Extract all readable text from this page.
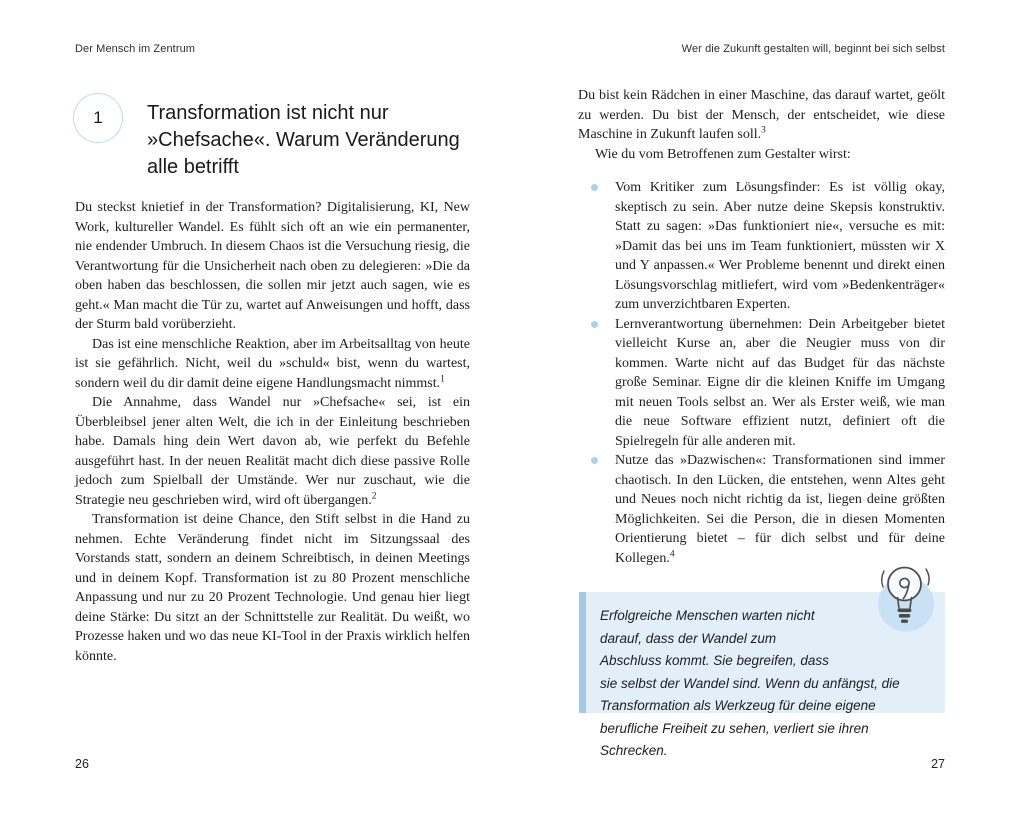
Der Mensch im Zentrum	Wer die Zukunft gestalten will, beginnt bei sich selbst
1 Transformation ist nicht nur »Chefsache«. Warum Veränderung alle betrifft

Du steckst knietief in der Transformation? Digitalisierung, KI, New Work, kultureller Wandel. Es fühlt sich oft an wie ein permanenter, nie endender Umbruch. In diesem Chaos ist die Versuchung riesig, die Verantwortung für die Unsicherheit nach oben zu delegieren: »Die da oben haben das beschlossen, die sollen mir jetzt auch sagen, wie es geht.« Man macht die Tür zu, wartet auf Anweisungen und hofft, dass der Sturm bald vorüberzieht.

Das ist eine menschliche Reaktion, aber im Arbeitsalltag von heute ist sie gefährlich. Nicht, weil du »schuld« bist, wenn du wartest, sondern weil du dir damit deine eigene Handlungsmacht nimmst.$^1$

Die Annahme, dass Wandel nur »Chefsache« sei, ist ein Überbleibsel jener alten Welt, die ich in der Einleitung beschrieben habe. Damals hing dein Wert davon ab, wie perfekt du Befehle ausgeführt hast. In der neuen Realität macht dich diese passive Rolle jedoch zum Spielball der Umstände. Wer nur zuschaut, wie die Strategie neu geschrieben wird, wird oft übergangen.$^2$

Transformation ist deine Chance, den Stift selbst in die Hand zu nehmen. Echte Veränderung findet nicht im Sitzungssaal des Vorstands statt, sondern an deinem Schreibtisch, in deinen Meetings und in deinem Kopf. Transformation ist zu 80 Prozent menschliche Anpassung und nur zu 20 Prozent Technologie. Und genau hier liegt deine Stärke: Du sitzt an der Schnittstelle zur Realität. Du weißt, wo Prozesse haken und wo das neue KI-Tool in der Praxis wirklich helfen könnte.

Du bist kein Rädchen in einer Maschine, das darauf wartet, geölt zu werden. Du bist der Mensch, der entscheidet, wie diese Maschine in Zukunft laufen soll.$^3$

Wie du vom Betroffenen zum Gestalter wirst:

Vom Kritiker zum Lösungsfinder: Es ist völlig okay, skeptisch zu sein. Aber nutze deine Skepsis konstruktiv. Statt zu sagen: »Das funktioniert nie«, versuche es mit: »Damit das bei uns im Team funktioniert, müssten wir X und Y anpassen.« Wer Probleme benennt und direkt einen Lösungsvorschlag mitliefert, wird vom »Bedenkenträger« zum unverzichtbaren Experten.
Lernverantwortung übernehmen: Dein Arbeitgeber bietet vielleicht Kurse an, aber die Neugier muss von dir kommen. Warte nicht auf das Budget für das nächste große Seminar. Eigne dir die kleinen Kniffe im Umgang mit neuen Tools selbst an. Wer als Erster weiß, wie man die neue Software effizient nutzt, definiert oft die Spielregeln für alle anderen mit.
Nutze das »Dazwischen«: Transformationen sind immer chaotisch. In den Lücken, die entstehen, wenn Altes geht und Neues noch nicht richtig da ist, liegen deine größten Möglichkeiten. Sei die Person, die in diesen Momenten Orientierung bietet – für dich selbst und für deine Kollegen.$^4$
Erfolgreiche Menschen warten nicht darauf, dass der Wandel zum Abschluss kommt. Sie begreifen, dass sie selbst der Wandel sind. Wenn du anfängst, die Transformation als Werkzeug für deine eigene berufliche Freiheit zu sehen, verliert sie ihren Schrecken.
26	27
